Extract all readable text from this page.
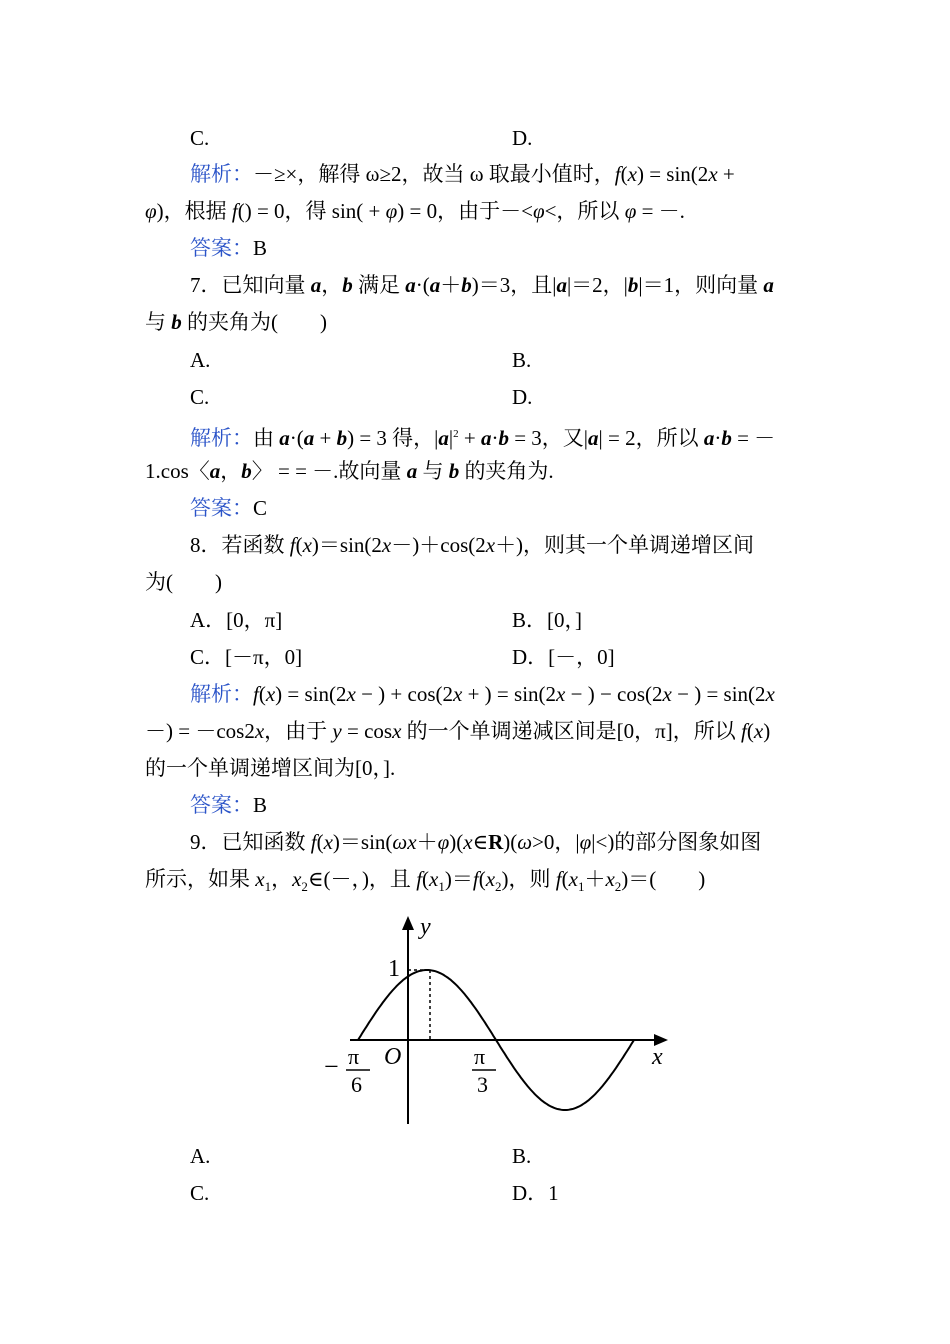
C.	D.
解析：－≥×，解得 ω≥2，故当 ω 取最小值时，f(x) = sin(2x +
φ)，根据 f() = 0，得 sin( + φ) = 0，由于－<φ<，所以 φ = －.
答案：B
7．已知向量 a，b 满足 a·(a＋b)＝3，且|a|＝2，|b|＝1，则向量 a
与 b 的夹角为(　　)
A.	B.
C.	D.
解析：由 a·(a + b) = 3 得，$|a|^2 + a\cdot b = 3$，又|a| = 2，所以 a·b = －
1.cos〈a，b〉 = = －.故向量 a 与 b 的夹角为.
答案：C
8．若函数 f(x)＝sin(2x－)＋cos(2x＋)，则其一个单调递增区间
为(　　)
A．[0，π]	B．[0，]
C．[－π，0]	D．[－，0]
解析：f(x) = sin(2x − ) + cos(2x + ) = sin(2x − ) − cos(2x − ) = sin(2x
－) = －cos2x，由于 y = cosx 的一个单调递减区间是[0，π]，所以 f(x)
的一个单调递增区间为[0，].
答案：B
9．已知函数 f(x)＝sin(ωx＋φ)(x∈R)(ω>0，|φ|<)的部分图象如图
所示，如果 $x_1$，$x_2\in(-$，)，且 $f(x_1)=f(x_2)$，则 $f(x_1+x_2)=$(　　)
y
x
1
O
− π
6
π
3
A.	B.
C.	D．1
